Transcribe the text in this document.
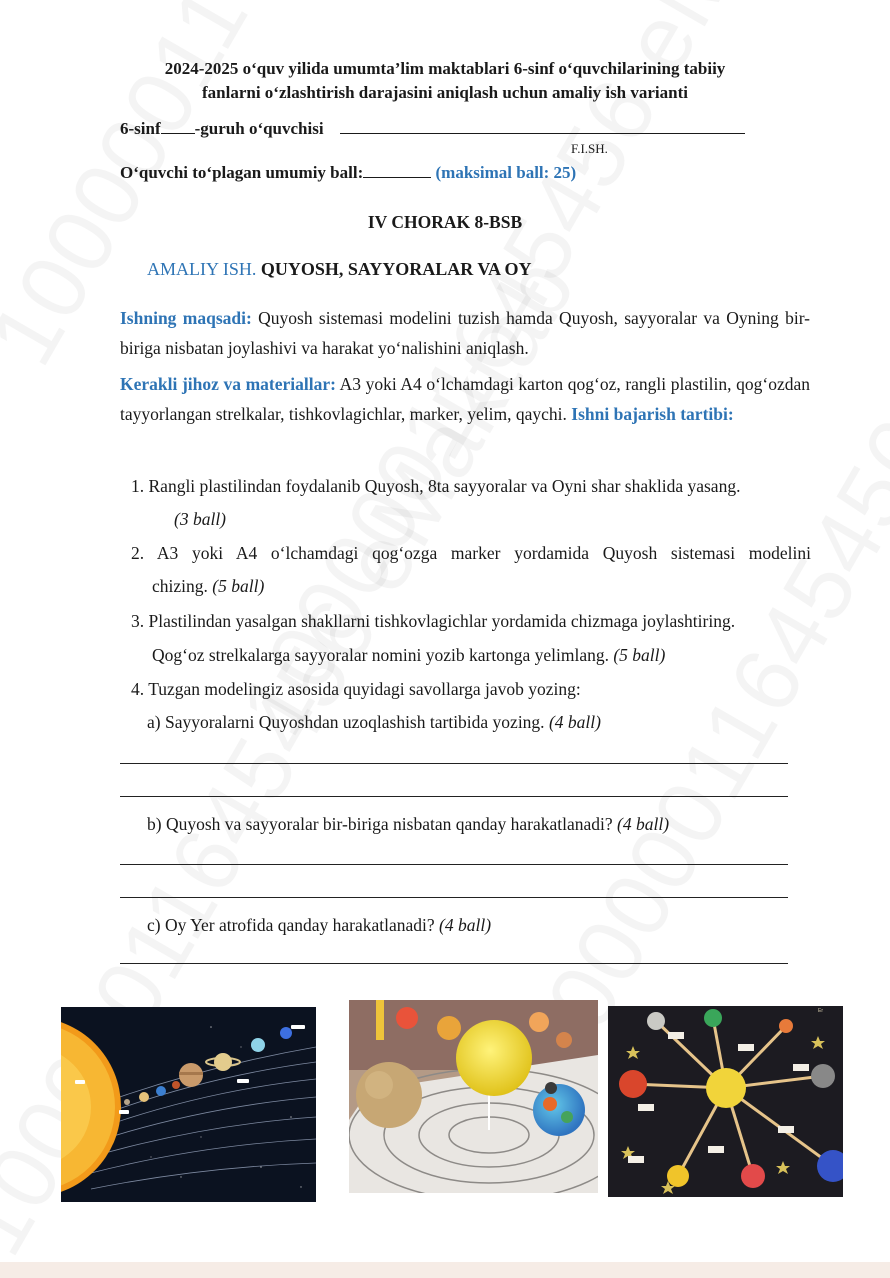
2024-2025 o‘quv yilida umumta’lim maktablari 6-sinf o‘quvchilarining tabiiy
fanlarni o‘zlashtirish darajasini aniqlash uchun amaliy ish varianti
6-sinf -guruh o‘quvchisi
F.I.SH.
O‘quvchi to‘plagan umumiy ball:	(maksimal ball: 25)
IV CHORAK 8-BSB
AMALIY ISH. QUYOSH, SAYYORALAR VA OY
Ishning maqsadi: Quyosh sistemasi modelini tuzish hamda Quyosh, sayyoralar va Oyning bir-biriga nisbatan joylashivi va harakat yo‘nalishini aniqlash.
Kerakli jihoz va materiallar: A3 yoki A4 o‘lchamdagi karton qog‘oz, rangli plastilin, qog‘ozdan tayyorlangan strelkalar, tishkovlagichlar, marker, yelim, qaychi. Ishni bajarish tartibi:
1. Rangli plastilindan foydalanib Quyosh, 8ta sayyoralar va Oyni shar shaklida yasang.
(3 ball)
2. A3 yoki A4 o‘lchamdagi qog‘ozga marker yordamida Quyosh sistemasi modelini
chizing. (5 ball)
3. Plastilindan yasalgan shakllarni tishkovlagichlar yordamida chizmaga joylashtiring.
Qog‘oz strelkalarga sayyoralar nomini yozib kartonga yelimlang. (5 ball)
4. Tuzgan modelingiz asosida quyidagi savollarga javob yozing:
a) Sayyoralarni Quyoshdan uzoqlashish tartibida yozing. (4 ball)
b) Quyosh va sayyoralar bir-biriga nisbatan qanday harakatlanadi? (4 ball)
c) Oy Yer atrofida qanday harakatlanadi? (4 ball)
Er
